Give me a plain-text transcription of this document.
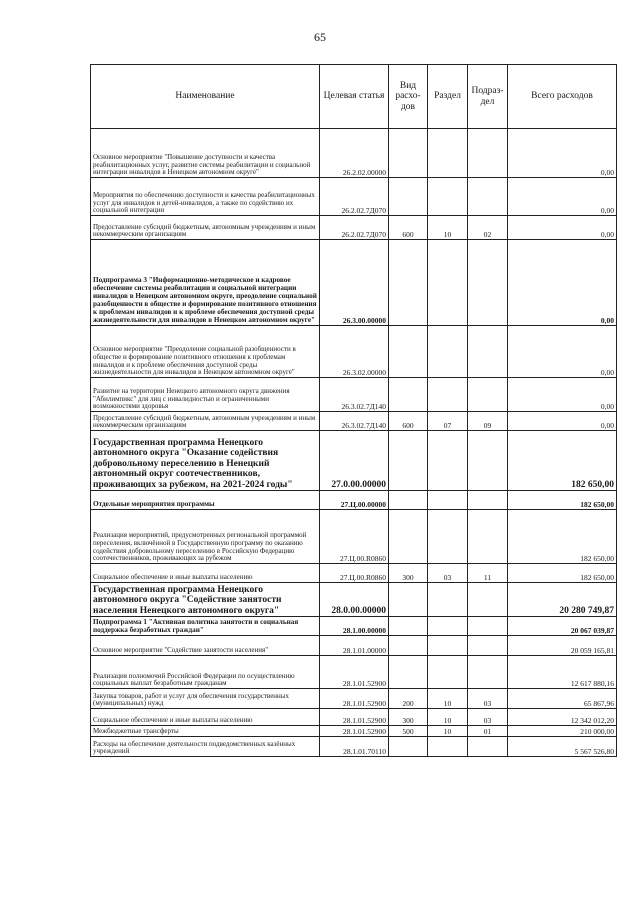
65
Наименование	Целевая статья	Вид расхо-дов	Раздел	Подраз-дел	Всего расходов
Основное мероприятие "Повышение доступности и качества реабилитационных услуг, развитие системы реабилитации и социальной интеграции инвалидов в Ненецком автономном округе"	26.2.02.00000				0,00
Мероприятия по обеспечению доступности и качества реабилитационных услуг для инвалидов и детей-инвалидов, а также по содействию их социальной интеграции	26.2.02.7Д070				0,00
Предоставление субсидий бюджетным, автономным учреждениям и иным некоммерческим организациям	26.2.02.7Д070	600	10	02	0,00
Подпрограмма 3 "Информационно-методическое и кадровое обеспечение системы реабилитации и социальной интеграции инвалидов в Ненецком автономном округе, преодоление социальной разобщенности в обществе и формирование позитивного отношения к проблемам инвалидов и к проблеме обеспечения доступной среды жизнедеятельности для инвалидов в Ненецком автономном округе"	26.3.00.00000				0,00
Основное мероприятие "Преодоление социальной разобщенности в обществе и формирование позитивного отношения к проблемам инвалидов и к проблеме обеспечения доступной среды жизнедеятельности для инвалидов в Ненецком автономном округе"	26.3.02.00000				0,00
Развитие на территории Ненецкого автономного округа движения "Абилимпикс" для лиц с инвалидностью и ограниченными возможностями здоровья	26.3.02.7Д140				0,00
Предоставление субсидий бюджетным, автономным учреждениям и иным некоммерческим организациям	26.3.02.7Д140	600	07	09	0,00
Государственная программа Ненецкого автономного округа "Оказание содействия добровольному переселению в Ненецкий автономный округ соотечественников, проживающих за рубежом, на 2021-2024 годы"	27.0.00.00000				182 650,00
Отдельные мероприятия программы	27.Ц.00.00000				182 650,00
Реализация мероприятий, предусмотренных региональной программой переселения, включённой в Государственную программу по оказанию содействия добровольному переселению в Российскую Федерацию соотечественников, проживающих за рубежом	27.Ц.00.R0860				182 650,00
Социальное обеспечение и иные выплаты населению	27.Ц.00.R0860	300	03	11	182 650,00
Государственная программа Ненецкого автономного округа "Содействие занятости населения Ненецкого автономного округа"	28.0.00.00000				20 280 749,87
Подпрограмма 1 "Активная политика занятости и социальная поддержка безработных граждан"	28.1.00.00000				20 067 039,87
Основное мероприятие "Содействие занятости населения"	28.1.01.00000				20 059 165,81
Реализация полномочий Российской Федерации по осуществлению социальных выплат безработным гражданам	28.1.01.52900				12 617 880,16
Закупка товаров, работ и услуг для обеспечения государственных (муниципальных) нужд	28.1.01.52900	200	10	03	65 867,96
Социальное обеспечение и иные выплаты населению	28.1.01.52900	300	10	03	12 342 012,20
Межбюджетные трансферты	28.1.01.52900	500	10	01	210 000,00
Расходы на обеспечение деятельности подведомственных казённых учреждений	28.1.01.70110				5 567 526,80
